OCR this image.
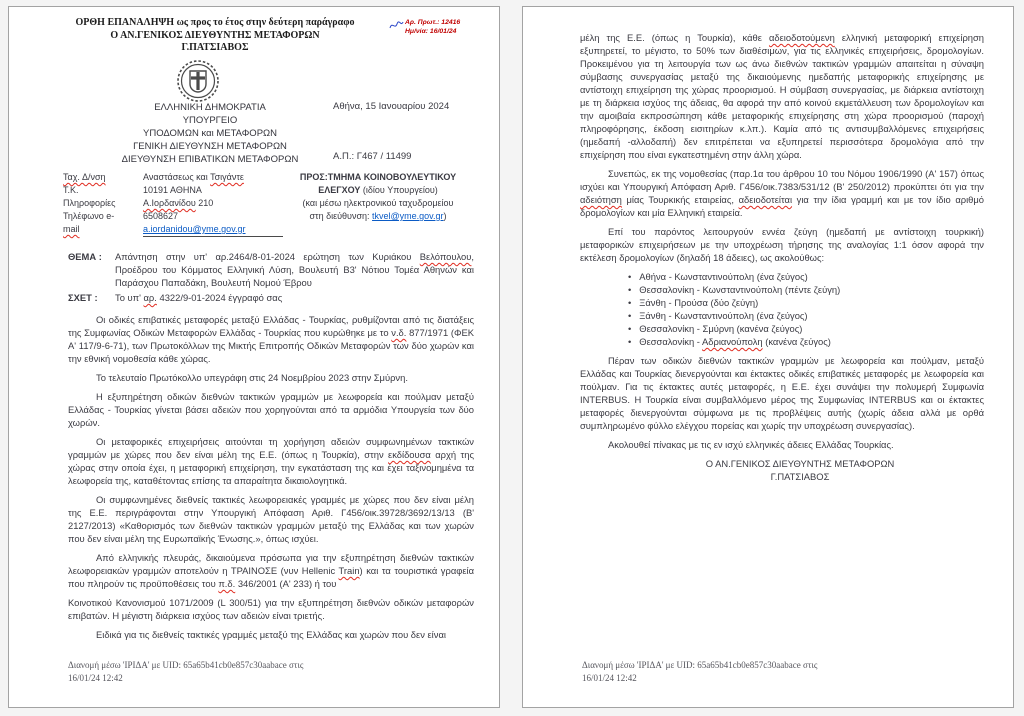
ΟΡΘΗ ΕΠΑΝΑΛΗΨΗ ως προς το έτος στην δεύτερη παράγραφο
Ο ΑΝ.ΓΕΝΙΚΟΣ ΔΙΕΥΘΥΝΤΗΣ ΜΕΤΑΦΟΡΩΝ
Γ.ΠΑΤΣΙΑΒΟΣ
Αρ. Πρωτ.: 12416
Ημ/νία: 16/01/24
ΕΛΛΗΝΙΚΗ ΔΗΜΟΚΡΑΤΙΑ
ΥΠΟΥΡΓΕΙΟ
ΥΠΟΔΟΜΩΝ και ΜΕΤΑΦΟΡΩΝ
ΓΕΝΙΚΗ ΔΙΕΥΘΥΝΣΗ ΜΕΤΑΦΟΡΩΝ
ΔΙΕΥΘΥΝΣΗ ΕΠΙΒΑΤΙΚΩΝ ΜΕΤΑΦΟΡΩΝ
Αθήνα, 15 Ιανουαρίου 2024
Α.Π.: Γ467 / 11499
Ταχ. Δ/νση
Τ.Κ.
Πληροφορίες
Τηλέφωνο e-
mail
Αναστάσεως και Τσιγάντε
10191 ΑΘΗΝΑ
Α.Ιορδανίδου 210
6508627
a.iordanidou@yme.gov.gr
ΠΡΟΣ:ΤΜΗΜΑ ΚΟΙΝΟΒΟΥΛΕΥΤΙΚΟΥ
ΕΛΕΓΧΟΥ (ιδίου Υπουργείου)
(και μέσω ηλεκτρονικού ταχυδρομείου
στη διεύθυνση: tkvel@yme.gov.gr)
ΘΕΜΑ :	Απάντηση στην υπ' αρ.2464/8-01-2024 ερώτηση των Κυριάκου Βελόπουλου, Προέδρου του Κόμματος Ελληνική Λύση, Βουλευτή Β3' Νότιου Τομέα Αθηνών και Παράσχου Παπαδάκη, Βουλευτή Νομού Έβρου
ΣΧΕΤ :	Το υπ' αρ. 4322/9-01-2024 έγγραφό σας

Οι οδικές επιβατικές μεταφορές μεταξύ Ελλάδας - Τουρκίας, ρυθμίζονται από τις διατάξεις της Συμφωνίας Οδικών Μεταφορών Ελλάδας - Τουρκίας που κυρώθηκε με το ν.δ. 877/1971 (ΦΕΚ Α' 117/9-6-71), των Πρωτοκόλλων της Μικτής Επιτροπής Οδικών Μεταφορών των δύο χωρών και την εθνική νομοθεσία κάθε χώρας.

Το τελευταίο Πρωτόκολλο υπεγράφη στις 24 Νοεμβρίου 2023 στην Σμύρνη.

Η εξυπηρέτηση οδικών διεθνών τακτικών γραμμών με λεωφορεία και πούλμαν μεταξύ Ελλάδας - Τουρκίας γίνεται βάσει αδειών που χορηγούνται από τα αρμόδια Υπουργεία των δύο χωρών.

Οι μεταφορικές επιχειρήσεις αιτούνται τη χορήγηση αδειών συμφωνημένων τακτικών γραμμών με χώρες που δεν είναι μέλη της Ε.Ε. (όπως η Τουρκία), στην εκδίδουσα αρχή της χώρας στην οποία έχει, η μεταφορική επιχείρηση, την εγκατάσταση της και έχει ταξινομημένα τα λεωφορεία της, καταθέτοντας επίσης τα απαραίτητα δικαιολογητικά.

Οι συμφωνημένες διεθνείς τακτικές λεωφορειακές γραμμές με χώρες που δεν είναι μέλη της Ε.Ε. περιγράφονται στην Υπουργική Απόφαση Αριθ. Γ456/οικ.39728/3692/13/13 (Β' 2127/2013) «Καθορισμός των διεθνών τακτικών γραμμών μεταξύ της Ελλάδας και των χωρών που δεν είναι μέλη της Ευρωπαϊκής Ένωσης.», όπως ισχύει.

Από ελληνικής πλευράς, δικαιούμενα πρόσωπα για την εξυπηρέτηση διεθνών τακτικών λεωφορειακών γραμμών αποτελούν η ΤΡΑΙΝΟΣΕ (νυν Hellenic Train) και τα τουριστικά γραφεία που πληρούν τις προϋποθέσεις του π.δ. 346/2001 (Α' 233) ή του

Κοινοτικού Κανονισμού 1071/2009 (L 300/51) για την εξυπηρέτηση διεθνών οδικών μεταφορών επιβατών. Η μέγιστη διάρκεια ισχύος των αδειών είναι τριετής.

Ειδικά για τις διεθνείς τακτικές γραμμές μεταξύ της Ελλάδας και χωρών που δεν είναι

Διανομή μέσω 'ΙΡΙΔΑ' με UID: 65a65b41cb0e857c30aabace στις
16/01/24 12:42

μέλη της Ε.Ε. (όπως η Τουρκία), κάθε αδειοδοτούμενη ελληνική μεταφορική επιχείρηση εξυπηρετεί, το μέγιστο, το 50% των διαθέσιμων, για τις ελληνικές επιχειρήσεις, δρομολογίων. Προκειμένου για τη λειτουργία των ως άνω διεθνών τακτικών γραμμών απαιτείται η σύναψη σύμβασης συνεργασίας μεταξύ της δικαιούμενης ημεδαπής μεταφορικής επιχείρησης με αντίστοιχη επιχείρηση της χώρας προορισμού. Η σύμβαση συνεργασίας, με διάρκεια αντίστοιχη με τη διάρκεια ισχύος της άδειας, θα αφορά την από κοινού εκμετάλλευση των δρομολογίων και την αμοιβαία εκπροσώπηση κάθε μεταφορικής επιχείρησης στη χώρα προορισμού (παροχή πληροφόρησης, έκδοση εισιτηρίων κ.λπ.). Καμία από τις αντισυμβαλλόμενες επιχειρήσεις (ημεδαπή -αλλοδαπή) δεν επιτρέπεται να εξυπηρετεί περισσότερα δρομολόγια από την επιχείρηση που είναι εγκατεστημένη στην άλλη χώρα.

Συνεπώς, εκ της νομοθεσίας (παρ.1α του άρθρου 10 του Νόμου 1906/1990 (Α' 157) όπως ισχύει και Υπουργική Απόφαση Αριθ. Γ456/οικ.7383/531/12 (Β' 250/2012) προκύπτει ότι για την αδειότηση μίας Τουρκικής εταιρείας, αδειοδοτείται για την ίδια γραμμή και με τον ίδιο αριθμό δρομολογίων και μία Ελληνική εταιρεία.

Επί του παρόντος λειτουργούν εννέα ζεύγη (ημεδαπή με αντίστοιχη τουρκική) μεταφορικών επιχειρήσεων με την υποχρέωση τήρησης της αναλογίας 1:1 όσον αφορά την εκτέλεση δρομολογίων (δηλαδή 18 άδειες), ως ακολούθως:

• Αθήνα - Κωνσταντινούπολη (ένα ζεύγος)
• Θεσσαλονίκη - Κωνσταντινούπολη (πέντε ζεύγη)
• Ξάνθη - Προύσα (δύο ζεύγη)
• Ξάνθη - Κωνσταντινούπολη (ένα ζεύγος)
• Θεσσαλονίκη - Σμύρνη (κανένα ζεύγος)
• Θεσσαλονίκη - Αδριανούπολη (κανένα ζεύγος)

Πέραν των οδικών διεθνών τακτικών γραμμών με λεωφορεία και πούλμαν, μεταξύ Ελλάδας και Τουρκίας διενεργούνται και έκτακτες οδικές επιβατικές μεταφορές με λεωφορεία και πούλμαν. Για τις έκτακτες αυτές μεταφορές, η Ε.Ε. έχει συνάψει την πολυμερή Συμφωνία INTERBUS. Η Τουρκία είναι συμβαλλόμενο μέρος της Συμφωνίας INTERBUS και οι έκτακτες μεταφορές διενεργούνται σύμφωνα με τις προβλέψεις αυτής (χωρίς άδεια αλλά με ορθά συμπληρωμένο φύλλο ελέγχου πορείας και χωρίς την υποχρέωση συνεργασίας).

Ακολουθεί πίνακας με τις εν ισχύ ελληνικές άδειες Ελλάδας Τουρκίας.

Ο ΑΝ.ΓΕΝΙΚΟΣ ΔΙΕΥΘΥΝΤΗΣ ΜΕΤΑΦΟΡΩΝ
Γ.ΠΑΤΣΙΑΒΟΣ
Διανομή μέσω 'ΙΡΙΔΑ' με UID: 65a65b41cb0e857c30aabace στις
16/01/24 12:42
